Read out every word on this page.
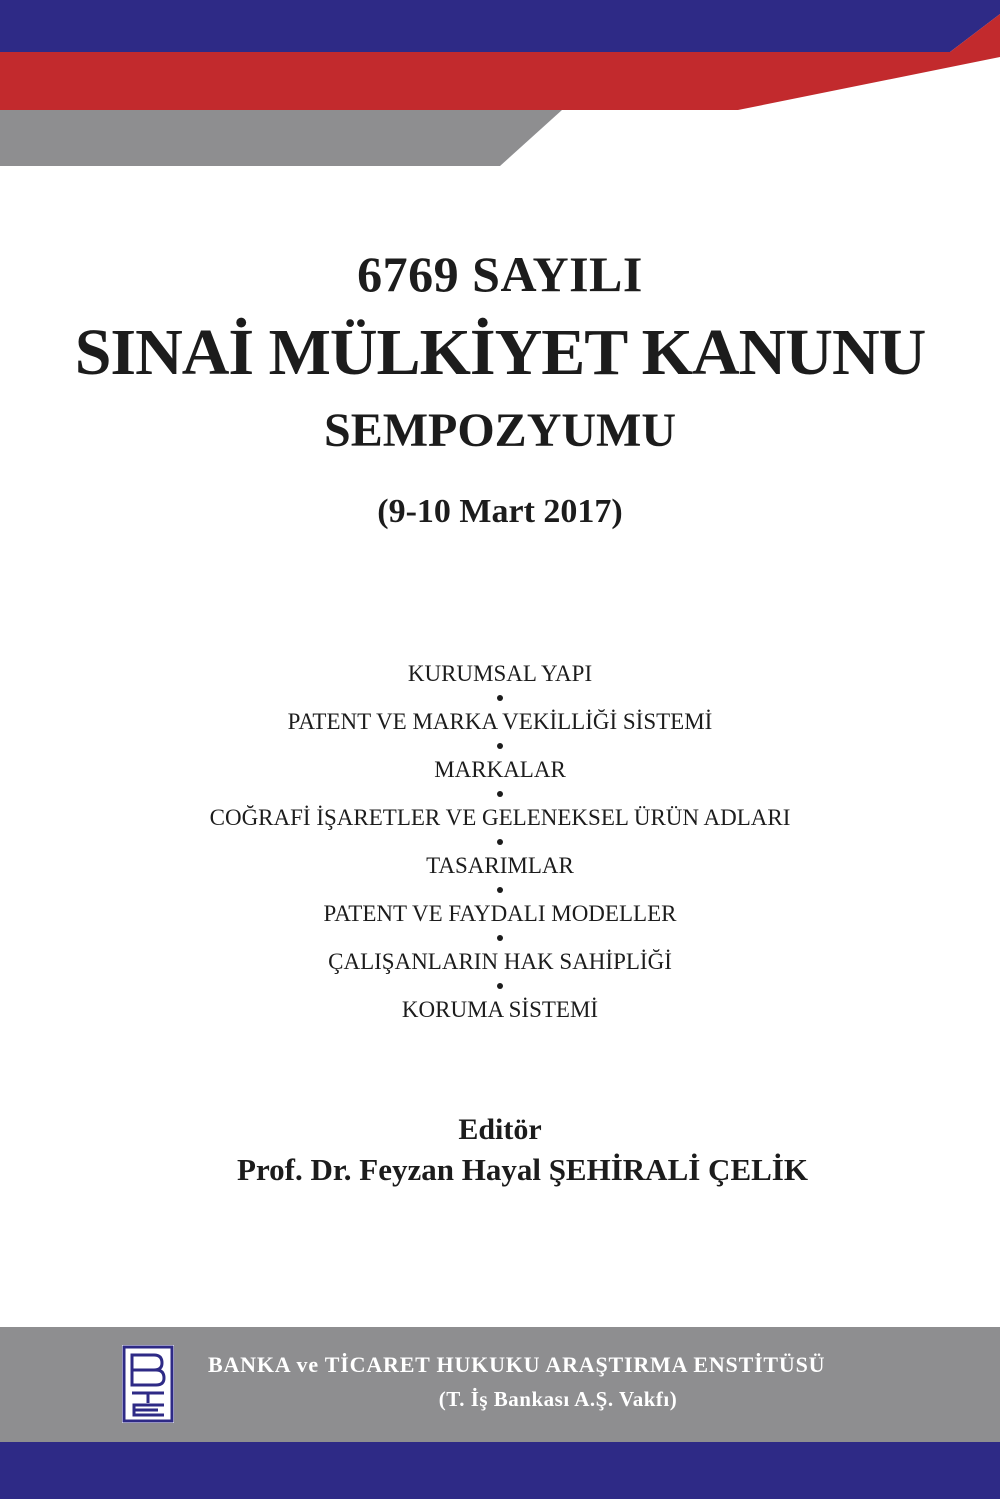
6769 SAYILI
SINAİ MÜLKİYET KANUNU
SEMPOZYUMU
(9-10 Mart 2017)
KURUMSAL YAPI
PATENT VE MARKA VEKİLLİĞİ SİSTEMİ
MARKALAR
COĞRAFİ İŞARETLER VE GELENEKSEL ÜRÜN ADLARI
TASARIMLAR
PATENT VE FAYDALI MODELLER
ÇALIŞANLARIN HAK SAHİPLİĞİ
KORUMA SİSTEMİ
Editör
Prof. Dr. Feyzan Hayal ŞEHİRALİ ÇELİK
BANKA ve TİCARET HUKUKU ARAŞTIRMA ENSTİTÜSÜ
(T. İş Bankası A.Ş. Vakfı)
